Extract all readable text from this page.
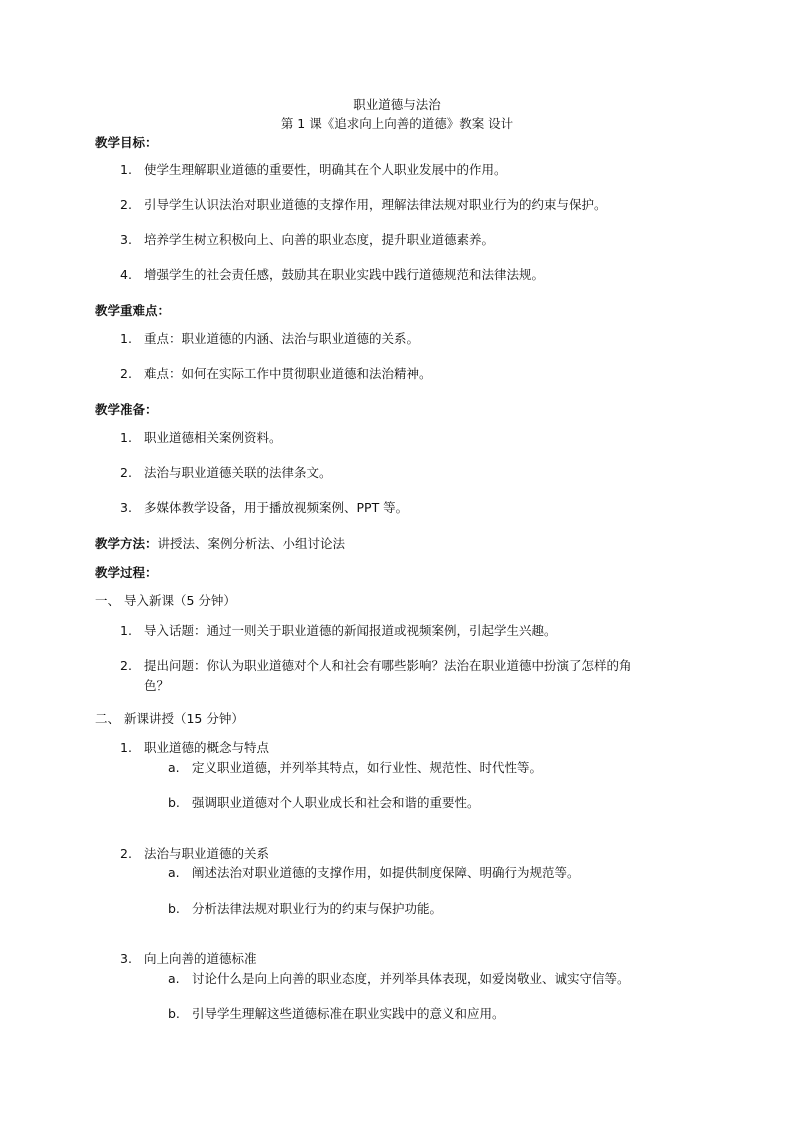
职业道德与法治
第 1 课《追求向上向善的道德》教案 设计
教学目标：
1. 使学生理解职业道德的重要性，明确其在个人职业发展中的作用。
2. 引导学生认识法治对职业道德的支撑作用，理解法律法规对职业行为的约束与保护。
3. 培养学生树立积极向上、向善的职业态度，提升职业道德素养。
4. 增强学生的社会责任感，鼓励其在职业实践中践行道德规范和法律法规。
教学重难点：
1. 重点：职业道德的内涵、法治与职业道德的关系。
2. 难点：如何在实际工作中贯彻职业道德和法治精神。
教学准备：
1. 职业道德相关案例资料。
2. 法治与职业道德关联的法律条文。
3. 多媒体教学设备，用于播放视频案例、PPT 等。
教学方法：讲授法、案例分析法、小组讨论法
教学过程：
一、 导入新课（5 分钟）
1. 导入话题：通过一则关于职业道德的新闻报道或视频案例，引起学生兴趣。
2. 提出问题：你认为职业道德对个人和社会有哪些影响？法治在职业道德中扮演了怎样的角
色？
二、 新课讲授（15 分钟）
1. 职业道德的概念与特点
a. 定义职业道德，并列举其特点，如行业性、规范性、时代性等。
b. 强调职业道德对个人职业成长和社会和谐的重要性。
2. 法治与职业道德的关系
a. 阐述法治对职业道德的支撑作用，如提供制度保障、明确行为规范等。
b. 分析法律法规对职业行为的约束与保护功能。
3. 向上向善的道德标准
a. 讨论什么是向上向善的职业态度，并列举具体表现，如爱岗敬业、诚实守信等。
b. 引导学生理解这些道德标准在职业实践中的意义和应用。
